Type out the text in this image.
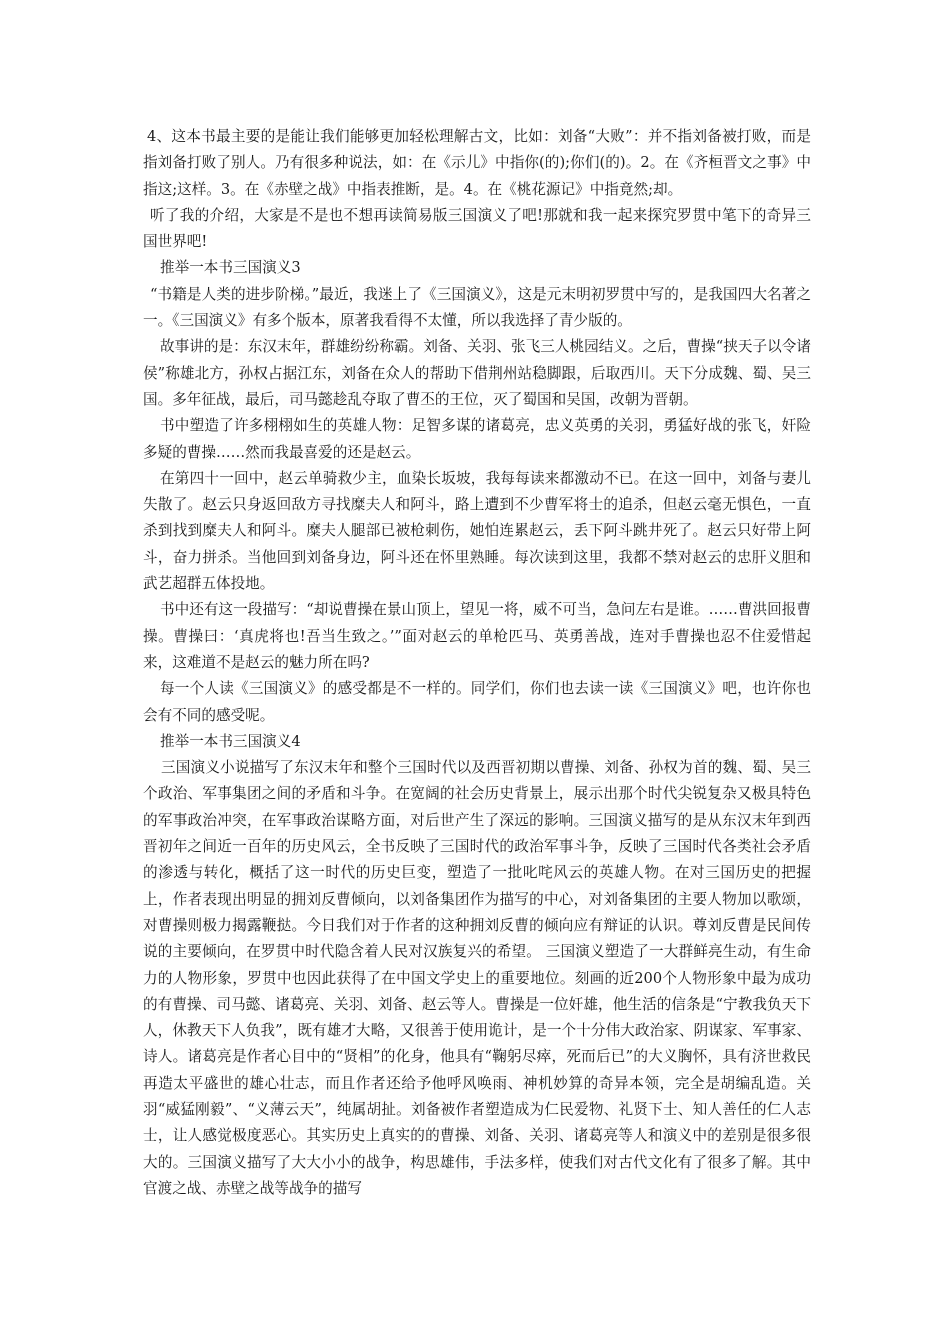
4、这本书最主要的是能让我们能够更加轻松理解古文，比如：刘备“大败”：并不指刘备被打败，而是指刘备打败了别人。乃有很多种说法，如：在《示儿》中指你(的);你们(的)。2。在《齐桓晋文之事》中指这;这样。3。在《赤壁之战》中指表推断，是。4。在《桃花源记》中指竟然;却。

听了我的介绍，大家是不是也不想再读简易版三国演义了吧!那就和我一起来探究罗贯中笔下的奇异三国世界吧!

推举一本书三国演义3

“书籍是人类的进步阶梯。”最近，我迷上了《三国演义》，这是元末明初罗贯中写的，是我国四大名著之一。《三国演义》有多个版本，原著我看得不太懂，所以我选择了青少版的。

故事讲的是：东汉末年，群雄纷纷称霸。刘备、关羽、张飞三人桃园结义。之后，曹操“挟天子以令诸侯”称雄北方，孙权占据江东，刘备在众人的帮助下借荆州站稳脚跟，后取西川。天下分成魏、蜀、吴三国。多年征战，最后，司马懿趁乱夺取了曹丕的王位，灭了蜀国和吴国，改朝为晋朝。

书中塑造了许多栩栩如生的英雄人物：足智多谋的诸葛亮，忠义英勇的关羽，勇猛好战的张飞，奸险多疑的曹操……然而我最喜爱的还是赵云。

在第四十一回中，赵云单骑救少主，血染长坂坡，我每每读来都激动不已。在这一回中，刘备与妻儿失散了。赵云只身返回敌方寻找糜夫人和阿斗，路上遭到不少曹军将士的追杀，但赵云毫无惧色，一直杀到找到糜夫人和阿斗。糜夫人腿部已被枪刺伤，她怕连累赵云，丢下阿斗跳井死了。赵云只好带上阿斗，奋力拼杀。当他回到刘备身边，阿斗还在怀里熟睡。每次读到这里，我都不禁对赵云的忠肝义胆和武艺超群五体投地。

书中还有这一段描写：“却说曹操在景山顶上，望见一将，威不可当，急问左右是谁。……曹洪回报曹操。曹操曰：‘真虎将也!吾当生致之。’”面对赵云的单枪匹马、英勇善战，连对手曹操也忍不住爱惜起来，这难道不是赵云的魅力所在吗?

每一个人读《三国演义》的感受都是不一样的。同学们，你们也去读一读《三国演义》吧，也许你也会有不同的感受呢。

推举一本书三国演义4

三国演义小说描写了东汉末年和整个三国时代以及西晋初期以曹操、刘备、孙权为首的魏、蜀、吴三个政治、军事集团之间的矛盾和斗争。在宽阔的社会历史背景上，展示出那个时代尖锐复杂又极具特色的军事政治冲突，在军事政治谋略方面，对后世产生了深远的影响。三国演义描写的是从东汉末年到西晋初年之间近一百年的历史风云，全书反映了三国时代的政治军事斗争，反映了三国时代各类社会矛盾的渗透与转化，概括了这一时代的历史巨变，塑造了一批叱咤风云的英雄人物。在对三国历史的把握上，作者表现出明显的拥刘反曹倾向，以刘备集团作为描写的中心，对刘备集团的主要人物加以歌颂，对曹操则极力揭露鞭挞。今日我们对于作者的这种拥刘反曹的倾向应有辩证的认识。尊刘反曹是民间传说的主要倾向，在罗贯中时代隐含着人民对汉族复兴的希望。 三国演义塑造了一大群鲜亮生动，有生命力的人物形象，罗贯中也因此获得了在中国文学史上的重要地位。刻画的近200个人物形象中最为成功的有曹操、司马懿、诸葛亮、关羽、刘备、赵云等人。曹操是一位奸雄，他生活的信条是“宁教我负天下人，休教天下人负我”，既有雄才大略，又很善于使用诡计，是一个十分伟大政治家、阴谋家、军事家、诗人。诸葛亮是作者心目中的“贤相”的化身，他具有“鞠躬尽瘁，死而后已”的大义胸怀，具有济世救民再造太平盛世的雄心壮志，而且作者还给予他呼风唤雨、神机妙算的奇异本领，完全是胡编乱造。关羽“威猛刚毅”、“义薄云天”，纯属胡扯。刘备被作者塑造成为仁民爱物、礼贤下士、知人善任的仁人志士，让人感觉极度恶心。其实历史上真实的的曹操、刘备、关羽、诸葛亮等人和演义中的差别是很多很大的。三国演义描写了大大小小的战争，构思雄伟，手法多样，使我们对古代文化有了很多了解。其中官渡之战、赤壁之战等战争的描写
